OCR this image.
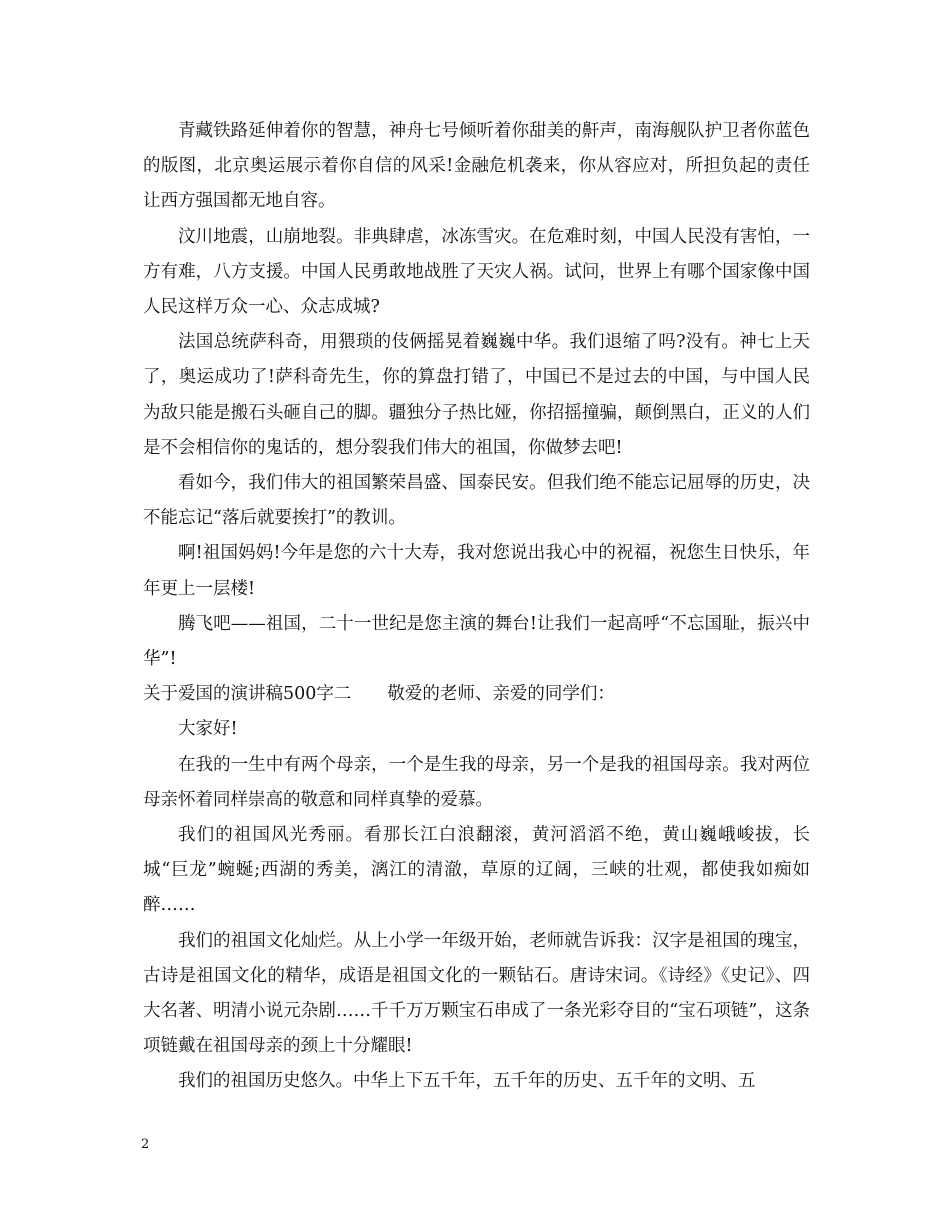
青藏铁路延伸着你的智慧，神舟七号倾听着你甜美的鼾声，南海舰队护卫者你蓝色的版图，北京奥运展示着你自信的风采!金融危机袭来，你从容应对，所担负起的责任让西方强国都无地自容。

汶川地震，山崩地裂。非典肆虐，冰冻雪灾。在危难时刻，中国人民没有害怕，一方有难，八方支援。中国人民勇敢地战胜了天灾人祸。试问，世界上有哪个国家像中国人民这样万众一心、众志成城?

法国总统萨科奇，用猥琐的伎俩摇晃着巍巍中华。我们退缩了吗?没有。神七上天了，奥运成功了!萨科奇先生，你的算盘打错了，中国已不是过去的中国，与中国人民为敌只能是搬石头砸自己的脚。疆独分子热比娅，你招摇撞骗，颠倒黑白，正义的人们是不会相信你的鬼话的，想分裂我们伟大的祖国，你做梦去吧!

看如今，我们伟大的祖国繁荣昌盛、国泰民安。但我们绝不能忘记屈辱的历史，决不能忘记“落后就要挨打”的教训。

啊!祖国妈妈!今年是您的六十大寿，我对您说出我心中的祝福，祝您生日快乐，年年更上一层楼!

腾飞吧——祖国，二十一世纪是您主演的舞台!让我们一起高呼“不忘国耻，振兴中华”!

关于爱国的演讲稿500字二 敬爱的老师、亲爱的同学们：

大家好!

在我的一生中有两个母亲，一个是生我的母亲，另一个是我的祖国母亲。我对两位母亲怀着同样崇高的敬意和同样真挚的爱慕。

我们的祖国风光秀丽。看那长江白浪翻滚，黄河滔滔不绝，黄山巍峨峻拔，长城“巨龙”蜿蜒;西湖的秀美，漓江的清澈，草原的辽阔，三峡的壮观，都使我如痴如醉……

我们的祖国文化灿烂。从上小学一年级开始，老师就告诉我：汉字是祖国的瑰宝，古诗是祖国文化的精华，成语是祖国文化的一颗钻石。唐诗宋词。《诗经》《史记》、四大名著、明清小说元杂剧……千千万万颗宝石串成了一条光彩夺目的“宝石项链”，这条项链戴在祖国母亲的颈上十分耀眼!

我们的祖国历史悠久。中华上下五千年，五千年的历史、五千年的文明、五

2
